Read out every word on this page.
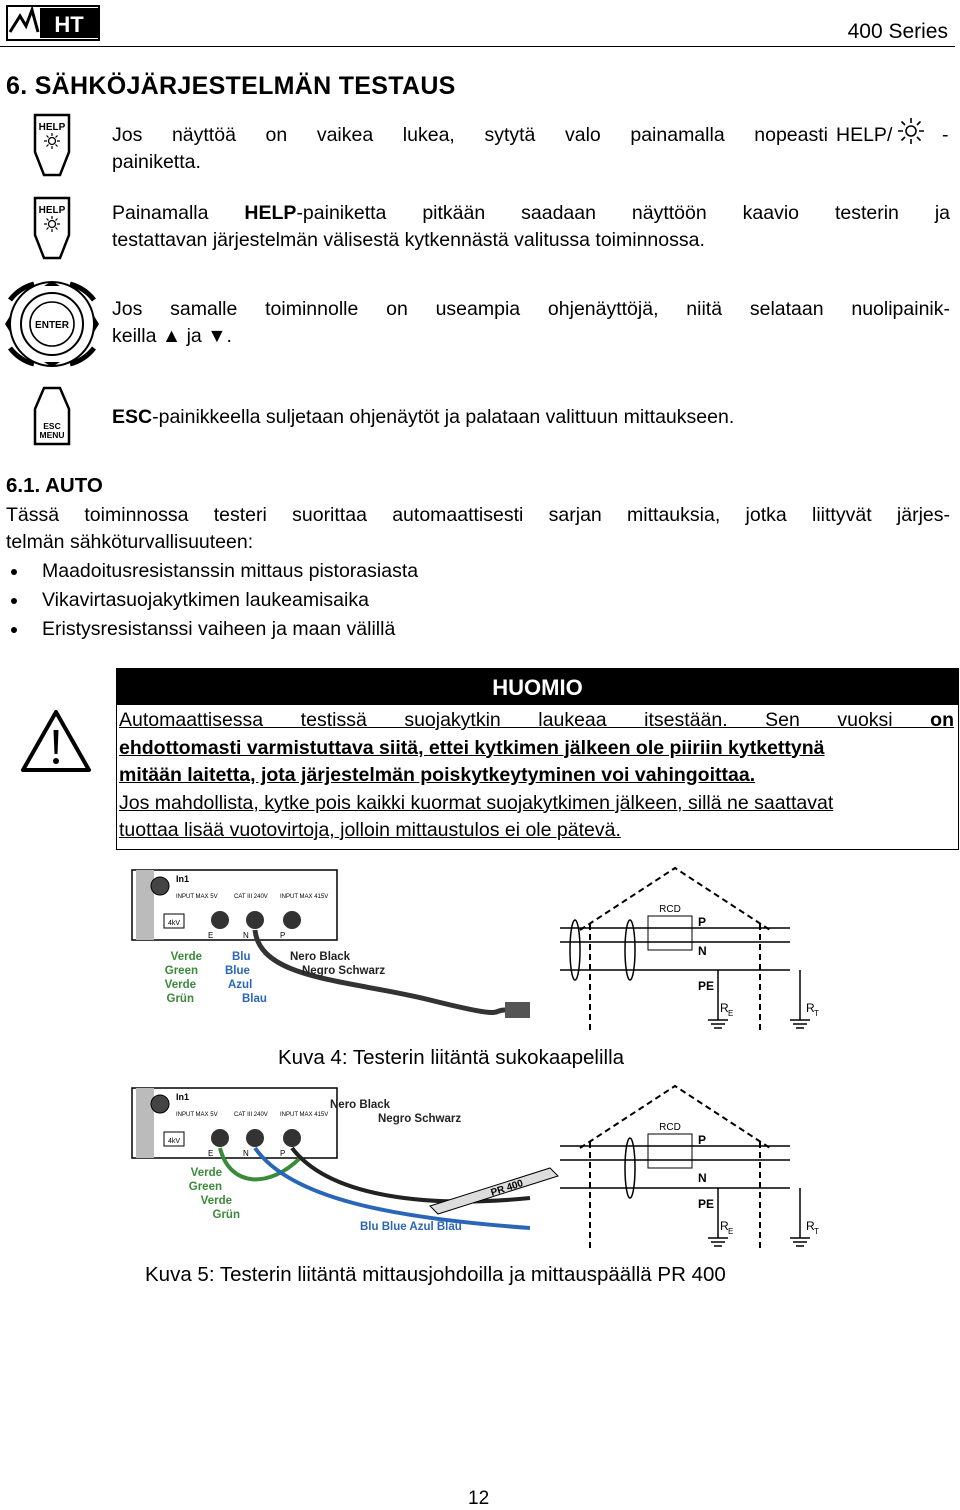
HT	400 Series
6. SÄHKÖJÄRJESTELMÄN TESTAUS
HELP Jos näyttöä on vaikea lukea, sytytä valo painamalla nopeasti HELP/	-
painiketta.
HELP Painamalla HELP-painiketta pitkään saadaan näyttöön kaavio testerin ja
testattavan järjestelmän välisestä kytkennästä valitussa toiminnossa.
ENTER
Jos samalle toiminnolle on useampia ohjenäyttöjä, niitä selataan nuolipainik-
keilla ▲ ja ▼.
ESC
MENU
ESC-painikkeella suljetaan ohjenäytöt ja palataan valittuun mittaukseen.
6.1. AUTO
Tässä toiminnossa testeri suorittaa automaattisesti sarjan mittauksia, jotka liittyvät järjes-
telmän sähköturvallisuuteen:
Maadoitusresistanssin mittaus pistorasiasta
Vikavirtasuojakytkimen laukeamisaika
Eristysresistanssi vaiheen ja maan välillä
HUOMIO

Automaattisessa testissä suojakytkin laukeaa itsestään. Sen vuoksi on

ehdottomasti varmistuttava siitä, ettei kytkimen jälkeen ole piiriin kytkettynä

mitään laitetta, jota järjestelmän poiskytkeytyminen voi vahingoittaa.

Jos mahdollista, kytke pois kaikki kuormat suojakytkimen jälkeen, sillä ne saattavat

tuottaa lisää vuotovirtoja, jolloin mittaustulos ei ole pätevä.

In1
INPUT MAX 5V	CAT III 240V INPUT MAX 415V
4kV
E	N	P
Verde
Green
Verde
Grün
Blu
Blue
Azul
Blau
Nero Black
Negro Schwarz
RCD
P
N
PE
R E	R T
Kuva 4: Testerin liitäntä sukokaapelilla
In1
INPUT MAX 5V	CAT III 240V INPUT MAX 415V
4kV
E	N	P
PR 400
Nero Black
Negro Schwarz
Verde
Green
Verde
Grün
Blu Blue Azul Blau
RCD
P
N
PE
R E	R T
Kuva 5: Testerin liitäntä mittausjohdoilla ja mittauspäällä PR 400
12
